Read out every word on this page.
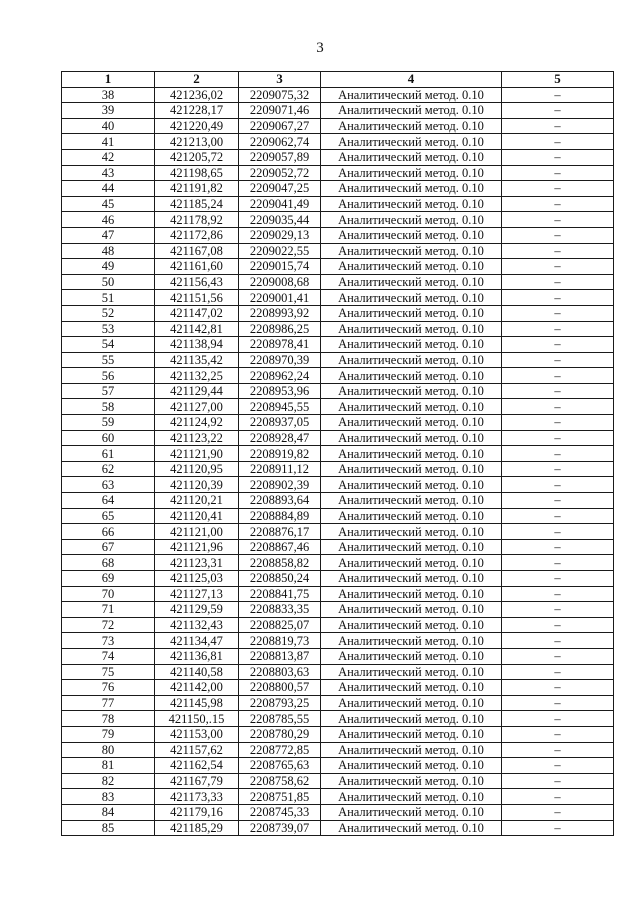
3
1	2	3	4	5
38	421236,02	2209075,32	Аналитический метод. 0.10	–
39	421228,17	2209071,46	Аналитический метод. 0.10	–
40	421220,49	2209067,27	Аналитический метод. 0.10	–
41	421213,00	2209062,74	Аналитический метод. 0.10	–
42	421205,72	2209057,89	Аналитический метод. 0.10	–
43	421198,65	2209052,72	Аналитический метод. 0.10	–
44	421191,82	2209047,25	Аналитический метод. 0.10	–
45	421185,24	2209041,49	Аналитический метод. 0.10	–
46	421178,92	2209035,44	Аналитический метод. 0.10	–
47	421172,86	2209029,13	Аналитический метод. 0.10	–
48	421167,08	2209022,55	Аналитический метод. 0.10	–
49	421161,60	2209015,74	Аналитический метод. 0.10	–
50	421156,43	2209008,68	Аналитический метод. 0.10	–
51	421151,56	2209001,41	Аналитический метод. 0.10	–
52	421147,02	2208993,92	Аналитический метод. 0.10	–
53	421142,81	2208986,25	Аналитический метод. 0.10	–
54	421138,94	2208978,41	Аналитический метод. 0.10	–
55	421135,42	2208970,39	Аналитический метод. 0.10	–
56	421132,25	2208962,24	Аналитический метод. 0.10	–
57	421129,44	2208953,96	Аналитический метод. 0.10	–
58	421127,00	2208945,55	Аналитический метод. 0.10	–
59	421124,92	2208937,05	Аналитический метод. 0.10	–
60	421123,22	2208928,47	Аналитический метод. 0.10	–
61	421121,90	2208919,82	Аналитический метод. 0.10	–
62	421120,95	2208911,12	Аналитический метод. 0.10	–
63	421120,39	2208902,39	Аналитический метод. 0.10	–
64	421120,21	2208893,64	Аналитический метод. 0.10	–
65	421120,41	2208884,89	Аналитический метод. 0.10	–
66	421121,00	2208876,17	Аналитический метод. 0.10	–
67	421121,96	2208867,46	Аналитический метод. 0.10	–
68	421123,31	2208858,82	Аналитический метод. 0.10	–
69	421125,03	2208850,24	Аналитический метод. 0.10	–
70	421127,13	2208841,75	Аналитический метод. 0.10	–
71	421129,59	2208833,35	Аналитический метод. 0.10	–
72	421132,43	2208825,07	Аналитический метод. 0.10	–
73	421134,47	2208819,73	Аналитический метод. 0.10	–
74	421136,81	2208813,87	Аналитический метод. 0.10	–
75	421140,58	2208803,63	Аналитический метод. 0.10	–
76	421142,00	2208800,57	Аналитический метод. 0.10	–
77	421145,98	2208793,25	Аналитический метод. 0.10	–
78	421150,.15	2208785,55	Аналитический метод. 0.10	–
79	421153,00	2208780,29	Аналитический метод. 0.10	–
80	421157,62	2208772,85	Аналитический метод. 0.10	–
81	421162,54	2208765,63	Аналитический метод. 0.10	–
82	421167,79	2208758,62	Аналитический метод. 0.10	–
83	421173,33	2208751,85	Аналитический метод. 0.10	–
84	421179,16	2208745,33	Аналитический метод. 0.10	–
85	421185,29	2208739,07	Аналитический метод. 0.10	–
